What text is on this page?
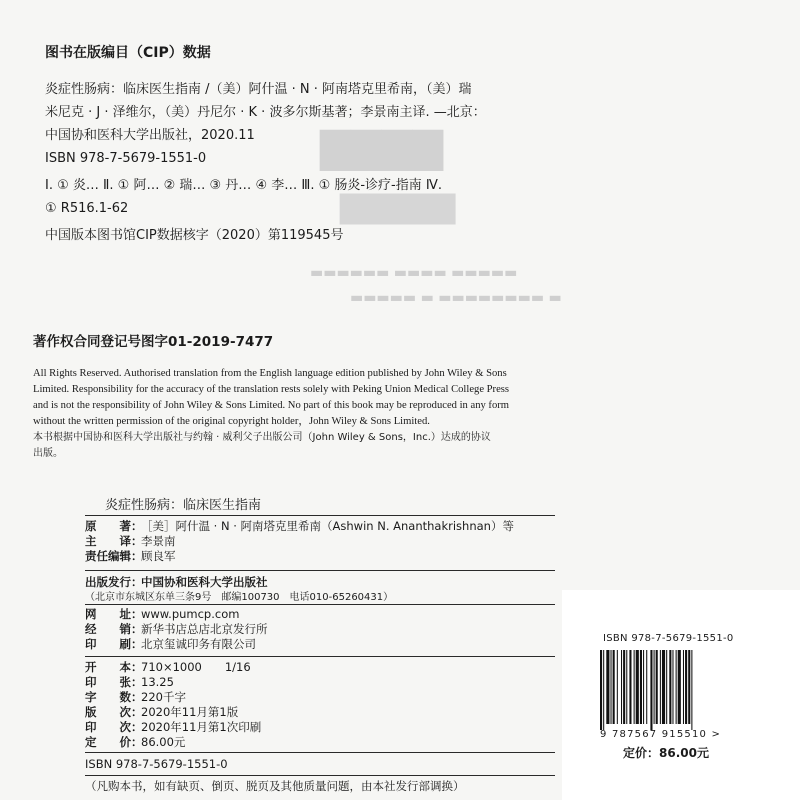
▇▇▇▇
▇▇▇▇▇
▬▬▬▬▬ ▬▬▬▬ ▬▬▬▬▬▬
▬ ▬▬▬▬▬▬▬▬ ▬ ▬▬▬▬▬
图书在版编目（CIP）数据
炎症性肠病：临床医生指南 /（美）阿什温 · N · 阿南塔克里希南，（美）瑞
米尼克 · J · 泽维尔，（美）丹尼尔 · K · 波多尔斯基著；李景南主译. —北京：
中国协和医科大学出版社，2020.11
ISBN 978-7-5679-1551-0
I. ① 炎… Ⅱ. ① 阿… ② 瑞… ③ 丹… ④ 李… Ⅲ. ① 肠炎-诊疗-指南 Ⅳ.
① R516.1-62
中国版本图书馆CIP数据核字（2020）第119545号
著作权合同登记号图字01-2019-7477
All Rights Reserved. Authorised translation from the English language edition published by John Wiley & Sons
Limited. Responsibility for the accuracy of the translation rests solely with Peking Union Medical College Press
and is not the responsibility of John Wiley & Sons Limited. No part of this book may be reproduced in any form
without the written permission of the original copyright holder，John Wiley & Sons Limited.
本书根据中国协和医科大学出版社与约翰 · 威利父子出版公司（John Wiley & Sons，Inc.）达成的协议
出版。
炎症性肠病：临床医生指南
原　　著：
［美］阿什温 · N · 阿南塔克里希南（Ashwin N. Ananthakrishnan）等
主　　译：
李景南
责任编辑：
顾良军
出版发行：
中国协和医科大学出版社
（北京市东城区东单三条9号　邮编100730　电话010-65260431）
网　　址：
www.pumcp.com
经　　销：
新华书店总店北京发行所
印　　刷：
北京玺诚印务有限公司
开　　本：
710×1000　　1/16
印　　张：
13.25
字　　数：
220千字
版　　次：
2020年11月第1版
印　　次：
2020年11月第1次印刷
定　　价：
86.00元
ISBN 978-7-5679-1551-0
（凡购本书，如有缺页、倒页、脱页及其他质量问题，由本社发行部调换）
ISBN 978-7-5679-1551-0
9 787567 915510 >
定价：86.00元
